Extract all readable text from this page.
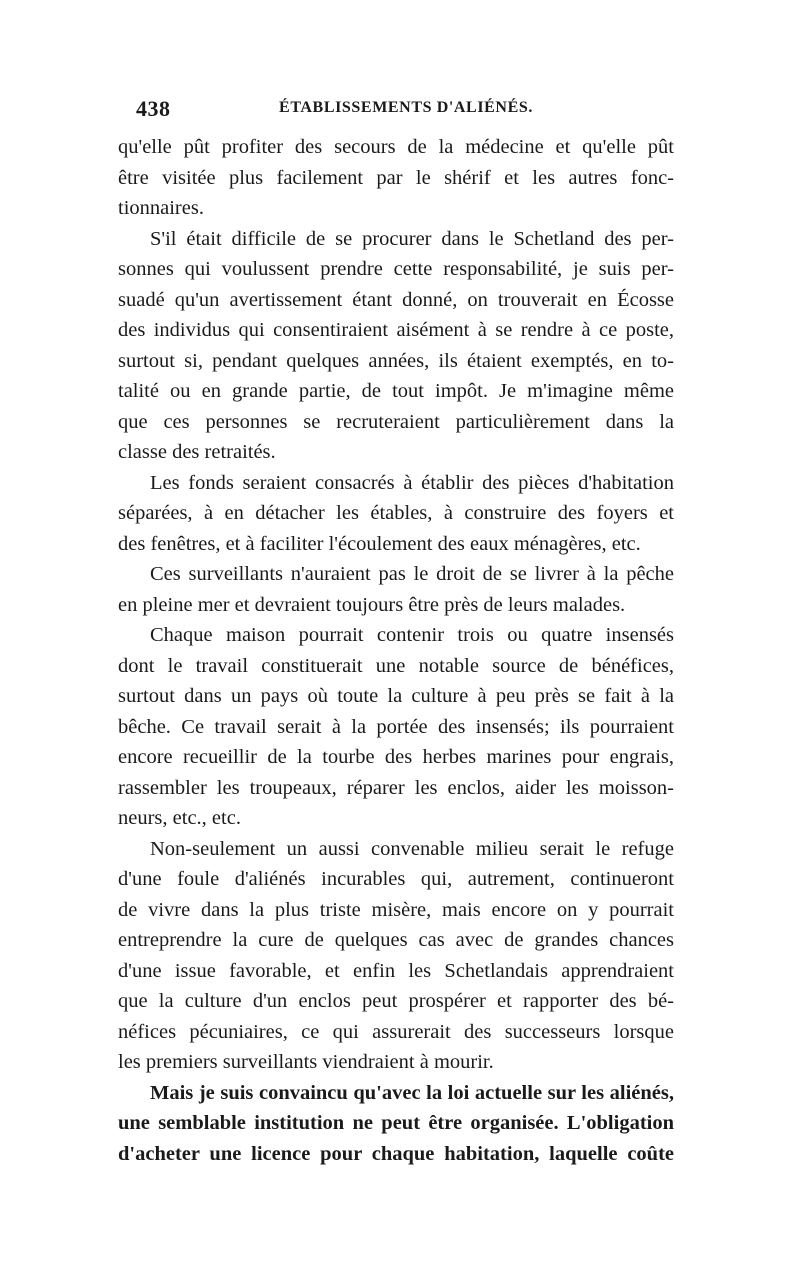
438	ÉTABLISSEMENTS D'ALIÉNÉS.
qu'elle pût profiter des secours de la médecine et qu'elle pût
être visitée plus facilement par le shérif et les autres fonc-
tionnaires.
S'il était difficile de se procurer dans le Schetland des per-
sonnes qui voulussent prendre cette responsabilité, je suis per-
suadé qu'un avertissement étant donné, on trouverait en Écosse
des individus qui consentiraient aisément à se rendre à ce poste,
surtout si, pendant quelques années, ils étaient exemptés, en to-
talité ou en grande partie, de tout impôt. Je m'imagine même
que ces personnes se recruteraient particulièrement dans la
classe des retraités.
Les fonds seraient consacrés à établir des pièces d'habitation
séparées, à en détacher les étables, à construire des foyers et
des fenêtres, et à faciliter l'écoulement des eaux ménagères, etc.
Ces surveillants n'auraient pas le droit de se livrer à la pêche
en pleine mer et devraient toujours être près de leurs malades.
Chaque maison pourrait contenir trois ou quatre insensés
dont le travail constituerait une notable source de bénéfices,
surtout dans un pays où toute la culture à peu près se fait à la
bêche. Ce travail serait à la portée des insensés; ils pourraient
encore recueillir de la tourbe des herbes marines pour engrais,
rassembler les troupeaux, réparer les enclos, aider les moisson-
neurs, etc., etc.
Non-seulement un aussi convenable milieu serait le refuge
d'une foule d'aliénés incurables qui, autrement, continueront
de vivre dans la plus triste misère, mais encore on y pourrait
entreprendre la cure de quelques cas avec de grandes chances
d'une issue favorable, et enfin les Schetlandais apprendraient
que la culture d'un enclos peut prospérer et rapporter des bé-
néfices pécuniaires, ce qui assurerait des successeurs lorsque
les premiers surveillants viendraient à mourir.
Mais je suis convaincu qu'avec la loi actuelle sur les aliénés,
une semblable institution ne peut être organisée. L'obligation
d'acheter une licence pour chaque habitation, laquelle coûte
